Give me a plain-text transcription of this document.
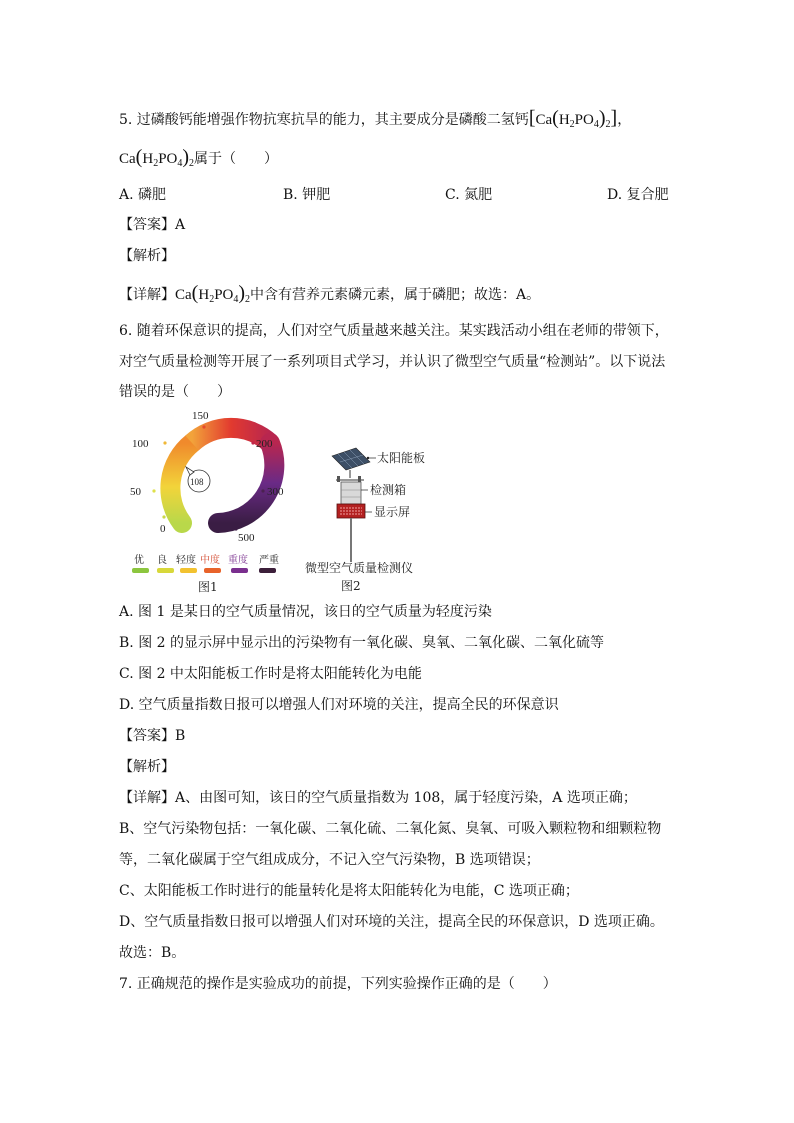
5. 过磷酸钙能增强作物抗寒抗旱的能力，其主要成分是磷酸二氢钙$[Ca(H_2PO_4)_2]$，
$Ca(H_2PO_4)_2$属于（　　）
A. 磷肥	B. 钾肥	C. 氮肥	D. 复合肥
【答案】A
【解析】
【详解】$Ca(H_2PO_4)_2$中含有营养元素磷元素，属于磷肥；故选：A。
6. 随着环保意识的提高，人们对空气质量越来越关注。某实践活动小组在老师的带领下，
对空气质量检测等开展了一系列项目式学习，并认识了微型空气质量“检测站”。以下说法
错误的是（　　）
0
50
100
150
200
300
500
108
优 良 轻度 中度 重度 严重
图1
太阳能板
检测箱
显示屏
微型空气质量检测仪
图2
A. 图 1 是某日的空气质量情况，该日的空气质量为轻度污染
B. 图 2 的显示屏中显示出的污染物有一氧化碳、臭氧、二氧化碳、二氧化硫等
C. 图 2 中太阳能板工作时是将太阳能转化为电能
D. 空气质量指数日报可以增强人们对环境的关注，提高全民的环保意识
【答案】B
【解析】
【详解】A、由图可知，该日的空气质量指数为 108，属于轻度污染，A 选项正确；
B、空气污染物包括：一氧化碳、二氧化硫、二氧化氮、臭氧、可吸入颗粒物和细颗粒物
等，二氧化碳属于空气组成成分，不记入空气污染物，B 选项错误；
C、太阳能板工作时进行的能量转化是将太阳能转化为电能，C 选项正确；
D、空气质量指数日报可以增强人们对环境的关注，提高全民的环保意识，D 选项正确。
故选：B。
7. 正确规范的操作是实验成功的前提，下列实验操作正确的是（　　）
